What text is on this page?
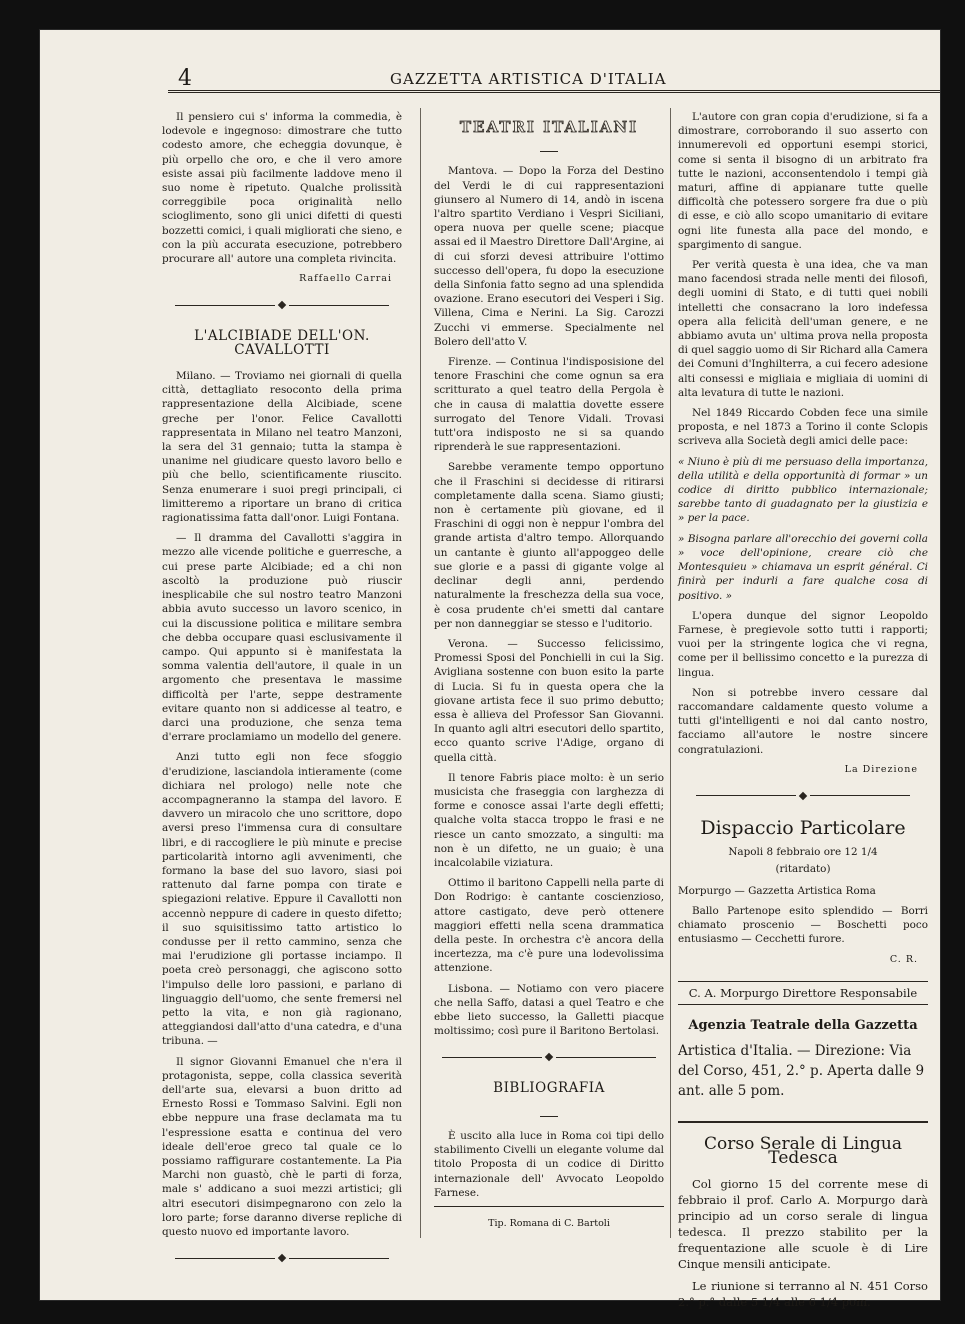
4	GAZZETTA ARTISTICA D'ITALIA

Il pensiero cui s' informa la commedia, è lodevole e ingegnoso: dimostrare che tutto codesto amore, che echeggia dovunque, è più orpello che oro, e che il vero amore esiste assai più facilmente laddove meno il suo nome è ripetuto. Qualche prolissità correggibile poca originalità nello scioglimento, sono gli unici difetti di questi bozzetti comici, i quali migliorati che sieno, e con la più accurata esecuzione, potrebbero procurare all' autore una completa rivincita.

Raffaello Carrai
L'ALCIBIADE DELL'ON. CAVALLOTTI

Milano. — Troviamo nei giornali di quella città, dettagliato resoconto della prima rappresentazione della Alcibiade, scene greche per l'onor. Felice Cavallotti rappresentata in Milano nel teatro Manzoni, la sera del 31 gennaio; tutta la stampa è unanime nel giudicare questo lavoro bello e più che bello, scientificamente riuscito. Senza enumerare i suoi pregi principali, ci limitteremo a riportare un brano di critica ragionatissima fatta dall'onor. Luigi Fontana.

— Il dramma del Cavallotti s'aggira in mezzo alle vicende politiche e guerresche, a cui prese parte Alcibiade; ed a chi non ascoltò la produzione può riuscir inesplicabile che sul nostro teatro Manzoni abbia avuto successo un lavoro scenico, in cui la discussione politica e militare sembra che debba occupare quasi esclusivamente il campo. Qui appunto si è manifestata la somma valentia dell'autore, il quale in un argomento che presentava le massime difficoltà per l'arte, seppe destramente evitare quanto non si addicesse al teatro, e darci una produzione, che senza tema d'errare proclamiamo un modello del genere.

Anzi tutto egli non fece sfoggio d'erudizione, lasciandola intieramente (come dichiara nel prologo) nelle note che accompagneranno la stampa del lavoro. E davvero un miracolo che uno scrittore, dopo aversi preso l'immensa cura di consultare libri, e di raccogliere le più minute e precise particolarità intorno agli avvenimenti, che formano la base del suo lavoro, siasi poi rattenuto dal farne pompa con tirate e spiegazioni relative. Eppure il Cavallotti non accennò neppure di cadere in questo difetto; il suo squisitissimo tatto artistico lo condusse per il retto cammino, senza che mai l'erudizione gli portasse inciampo. Il poeta creò personaggi, che agiscono sotto l'impulso delle loro passioni, e parlano di linguaggio dell'uomo, che sente fremersi nel petto la vita, e non già ragionano, atteggiandosi dall'atto d'una catedra, e d'una tribuna. —

Il signor Giovanni Emanuel che n'era il protagonista, seppe, colla classica severità dell'arte sua, elevarsi a buon dritto ad Ernesto Rossi e Tommaso Salvini. Egli non ebbe neppure una frase declamata ma tu l'espressione esatta e continua del vero ideale dell'eroe greco tal quale ce lo possiamo raffigurare costantemente. La Pia Marchi non guastò, chè le parti di forza, male s' addicano a suoi mezzi artistici; gli altri esecutori disimpegnarono con zelo la loro parte; forse daranno diverse repliche di questo nuovo ed importante lavoro.

TEATRI ITALIANI

Mantova. — Dopo la Forza del Destino del Verdi le di cui rappresentazioni giunsero al Numero di 14, andò in iscena l'altro spartito Verdiano i Vespri Siciliani, opera nuova per quelle scene; piacque assai ed il Maestro Direttore Dall'Argine, ai di cui sforzi devesi attribuire l'ottimo successo dell'opera, fu dopo la esecuzione della Sinfonia fatto segno ad una splendida ovazione. Erano esecutori dei Vesperi i Sig. Villena, Cima e Nerini. La Sig. Carozzi Zucchi vi emmerse. Specialmente nel Bolero dell'atto V.

Firenze. — Continua l'indisposisione del tenore Fraschini che come ognun sa era scritturato a quel teatro della Pergola è che in causa di malattia dovette essere surrogato del Tenore Vidali. Trovasi tutt'ora indisposto ne si sa quando riprenderà le sue rappresentazioni.

Sarebbe veramente tempo opportuno che il Fraschini si decidesse di ritirarsi completamente dalla scena. Siamo giusti; non è certamente più giovane, ed il Fraschini di oggi non è neppur l'ombra del grande artista d'altro tempo. Allorquando un cantante è giunto all'appoggeo delle sue glorie e a passi di gigante volge al declinar degli anni, perdendo naturalmente la freschezza della sua voce, è cosa prudente ch'ei smetti dal cantare per non danneggiar se stesso e l'uditorio.

Verona. — Successo felicissimo, Promessi Sposi del Ponchielli in cui la Sig. Avigliana sostenne con buon esito la parte di Lucia. Si fu in questa opera che la giovane artista fece il suo primo debutto; essa è allieva del Professor San Giovanni. In quanto agli altri esecutori dello spartito, ecco quanto scrive l'Adige, organo di quella città.

Il tenore Fabris piace molto: è un serio musicista che fraseggia con larghezza di forme e conosce assai l'arte degli effetti; qualche volta stacca troppo le frasi e ne riesce un canto smozzato, a singulti: ma non è un difetto, ne un guaio; è una incalcolabile viziatura.

Ottimo il baritono Cappelli nella parte di Don Rodrigo: è cantante coscienzioso, attore castigato, deve però ottenere maggiori effetti nella scena drammatica della peste. In orchestra c'è ancora della incertezza, ma c'è pure una lodevolissima attenzione.

Lisbona. — Notiamo con vero piacere che nella Saffo, datasi a quel Teatro e che ebbe lieto successo, la Galletti piacque moltissimo; così pure il Baritono Bertolasi.

BIBLIOGRAFIA

È uscito alla luce in Roma coi tipi dello stabilimento Civelli un elegante volume dal titolo Proposta di un codice di Diritto internazionale dell' Avvocato Leopoldo Farnese.

Tip. Romana di C. Bartoli

L'autore con gran copia d'erudizione, si fa a dimostrare, corroborando il suo asserto con innumerevoli ed opportuni esempi storici, come si senta il bisogno di un arbitrato fra tutte le nazioni, acconsentendolo i tempi già maturi, affine di appianare tutte quelle difficoltà che potessero sorgere fra due o più di esse, e ciò allo scopo umanitario di evitare ogni lite funesta alla pace del mondo, e spargimento di sangue.

Per verità questa è una idea, che va man mano facendosi strada nelle menti dei filosofi, degli uomini di Stato, e di tutti quei nobili intelletti che consacrano la loro indefessa opera alla felicità dell'uman genere, e ne abbiamo avuta un' ultima prova nella proposta di quel saggio uomo di Sir Richard alla Camera dei Comuni d'Inghilterra, a cui fecero adesione alti consessi e migliaia e migliaia di uomini di alta levatura di tutte le nazioni.

Nel 1849 Riccardo Cobden fece una simile proposta, e nel 1873 a Torino il conte Sclopis scriveva alla Società degli amici delle pace:

« Niuno è più di me persuaso della importanza, della utilità e della opportunità di formar » un codice di diritto pubblico internazionale; sarebbe tanto di guadagnato per la giustizia e » per la pace.

» Bisogna parlare all'orecchio dei governi colla » voce dell'opinione, creare ciò che Montesquieu » chiamava un esprit général. Ci finirà per indurli a fare qualche cosa di positivo. »

L'opera dunque del signor Leopoldo Farnese, è pregievole sotto tutti i rapporti; vuoi per la stringente logica che vi regna, come per il bellissimo concetto e la purezza di lingua.

Non si potrebbe invero cessare dal raccomandare caldamente questo volume a tutti gl'intelligenti e noi dal canto nostro, facciamo all'autore le nostre sincere congratulazioni.

La Direzione
Dispaccio Particolare
Napoli 8 febbraio ore 12 1/4
(ritardato)

Morpurgo — Gazzetta Artistica Roma

Ballo Partenope esito splendido — Borri chiamato proscenio — Boschetti poco entusiasmo — Cecchetti furore.

C. R.
C. A. Morpurgo Direttore Responsabile
Agenzia Teatrale della Gazzetta

Artistica d'Italia. — Direzione: Via del Corso, 451, 2.° p. Aperta dalle 9 ant. alle 5 pom.

Corso Serale di Lingua Tedesca

Col giorno 15 del corrente mese di febbraio il prof. Carlo A. Morpurgo darà principio ad un corso serale di lingua tedesca. Il prezzo stabilito per la frequentazione alle scuole è di Lire Cinque mensili anticipate.

Le riunione si terranno al N. 451 Corso 2.° p.° dalle 5 1/4 alle 6 1/4 pom.
